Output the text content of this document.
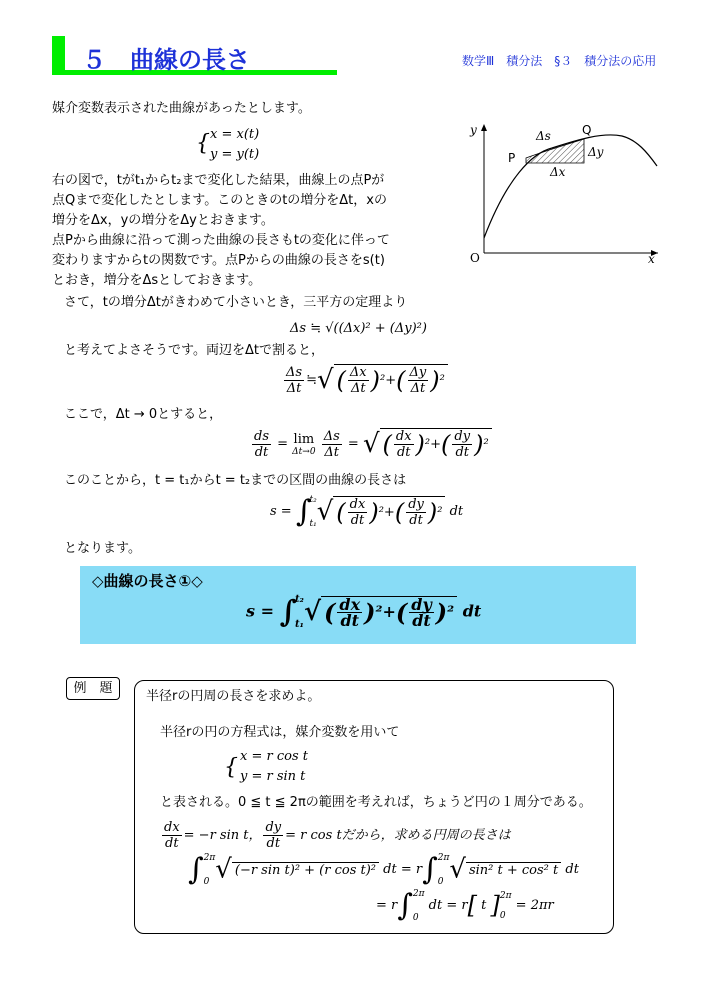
５　曲線の長さ	数学Ⅲ　積分法　§３　積分法の応用
媒介変数表示された曲線があったとします。
{ x = x(t)
y = y(t)
右の図で，tがt₁からt₂まで変化した結果，曲線上の点Pが
点Qまで変化したとします。このときのtの増分をΔt，xの
増分をΔx，yの増分をΔyとおきます。
点Pから曲線に沿って測った曲線の長さもtの変化に伴って
変わりますからtの関数です。点Pからの曲線の長さをs(t)
とおき，増分をΔsとしておきます。
さて，tの増分Δtがきわめて小さいとき，三平方の定理より
y
x
O
P
Q
Δs
Δx
Δy
Δs ≒ √((Δx)² + (Δy)²)
と考えてよさそうです。両辺をΔtで割ると，
$\frac{\Delta s}{\Delta t}$ ≒√ ( $\frac{\Delta x}{\Delta t} )^2+( \frac{\Delta y}{\Delta t} )^2$
ここで，Δt → 0とすると，
$\frac{ds}{dt} = \lim$
Δt→0
$\frac{\Delta s}{\Delta t}$ = √ ( $\frac{dx}{dt} )^2+( \frac{dy}{dt} )^2$
このことから，t = t₁からt = t₂までの区間の曲線の長さは
s = ∫
t₂
t₁ √ ( $\frac{dx}{dt} )^2+( \frac{dy}{dt} )^2$ dt
となります。
◇曲線の長さ①◇
s = ∫
t₂
t₁ √ ( $\frac{dx}{dt} )^2+( \frac{dy}{dt} )^2$ dt
例　題
半径rの円周の長さを求めよ。
半径rの円の方程式は，媒介変数を用いて
{ x = r cos t
y = r sin t
と表される。0 ≦ t ≦ 2πの範囲を考えれば，ちょうど円の１周分である。
$\frac{dx}{dt} = -r$ sin t， $\frac{dy}{dt} = r$ cos tだから，求める円周の長さは
∫ 2π
0 √ (−r sin t)² + (r cos t)² dt = r∫ 2π
0 √ sin² t + cos² t dt
= r∫ 2π
0
dt = r[ t ] 2π
0
= 2πr
